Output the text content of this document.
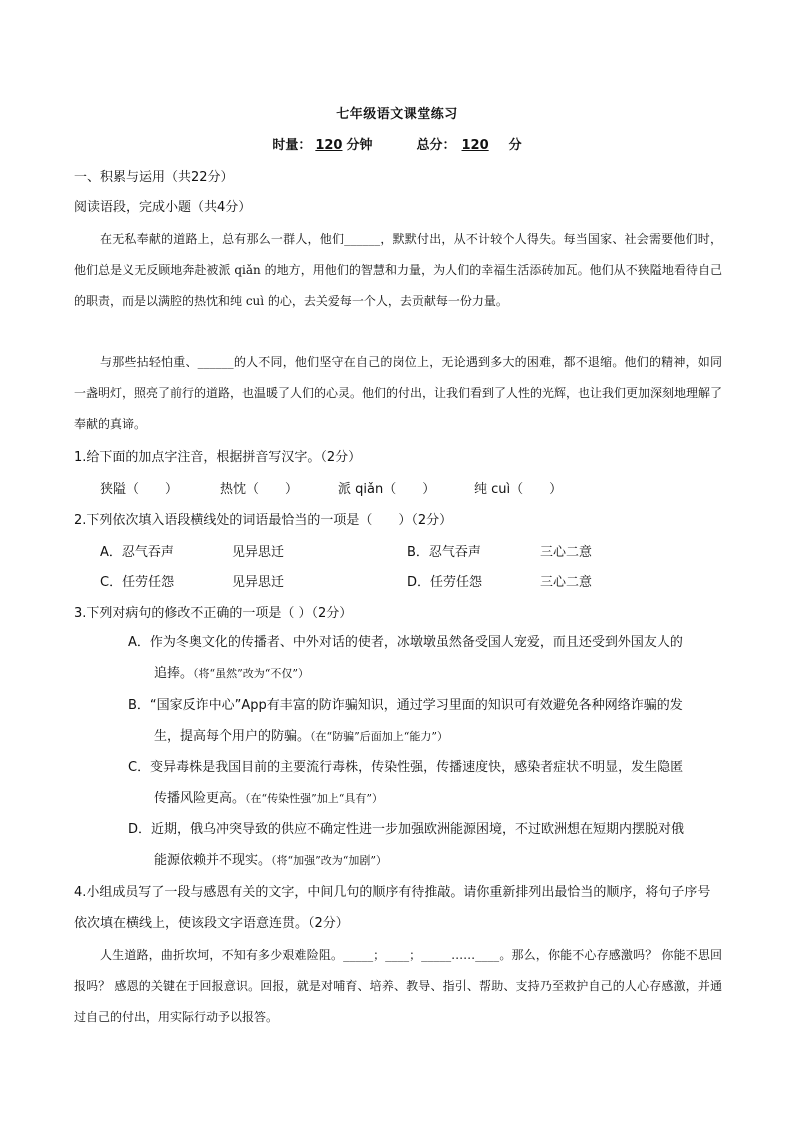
七年级语文课堂练习
时量： 120 分钟	总分： 120 分
一、积累与运用（共22分）
阅读语段，完成小题（共4分）
在无私奉献的道路上，总有那么一群人，他们______，默默付出，从不计较个人得失。每当国家、社会需要他们时，他们总是义无反顾地奔赴被派 qiǎn 的地方，用他们的智慧和力量，为人们的幸福生活添砖加瓦。他们从不狭隘地看待自己的职责，而是以满腔的热忱和纯 cuì 的心，去关爱每一个人，去贡献每一份力量。
与那些拈轻怕重、______的人不同，他们坚守在自己的岗位上，无论遇到多大的困难，都不退缩。他们的精神，如同一盏明灯，照亮了前行的道路，也温暖了人们的心灵。他们的付出，让我们看到了人性的光辉，也让我们更加深刻地理解了奉献的真谛。
1.给下面的加点字注音，根据拼音写汉字。（2分）
狭隘（　　）	热忱（　　）	派 qiǎn（　　）	纯 cuì（　　）
2.下列依次填入语段横线处的词语最恰当的一项是（　　）（2分）
A．忍气吞声	见异思迁	B．忍气吞声	三心二意
C．任劳任怨	见异思迁	D．任劳任怨	三心二意
3.下列对病句的修改不正确的一项是（ ）（2分）
A．作为冬奥文化的传播者、中外对话的使者，冰墩墩虽然备受国人宠爱，而且还受到外国友人的
追捧。（将“虽然”改为“不仅”）
B．“国家反诈中心”App有丰富的防诈骗知识，通过学习里面的知识可有效避免各种网络诈骗的发
生，提高每个用户的防骗。（在“防骗”后面加上“能力”）
C．变异毒株是我国目前的主要流行毒株，传染性强，传播速度快，感染者症状不明显，发生隐匿
传播风险更高。（在“传染性强”加上“具有”）
D．近期，俄乌冲突导致的供应不确定性进一步加强欧洲能源困境，不过欧洲想在短期内摆脱对俄
能源依赖并不现实。（将“加强”改为“加剧”）
4.小组成员写了一段与感恩有关的文字，中间几句的顺序有待推敲。请你重新排列出最恰当的顺序，将句子序号依次填在横线上，使该段文字语意连贯。（2分）
人生道路，曲折坎坷，不知有多少艰难险阻。_____；____；_____……____。那么，你能不心存感激吗？ 你能不思回报吗？ 感恩的关键在于回报意识。回报，就是对哺育、培养、教导、指引、帮助、支持乃至救护自己的人心存感激，并通过自己的付出，用实际行动予以报答。
